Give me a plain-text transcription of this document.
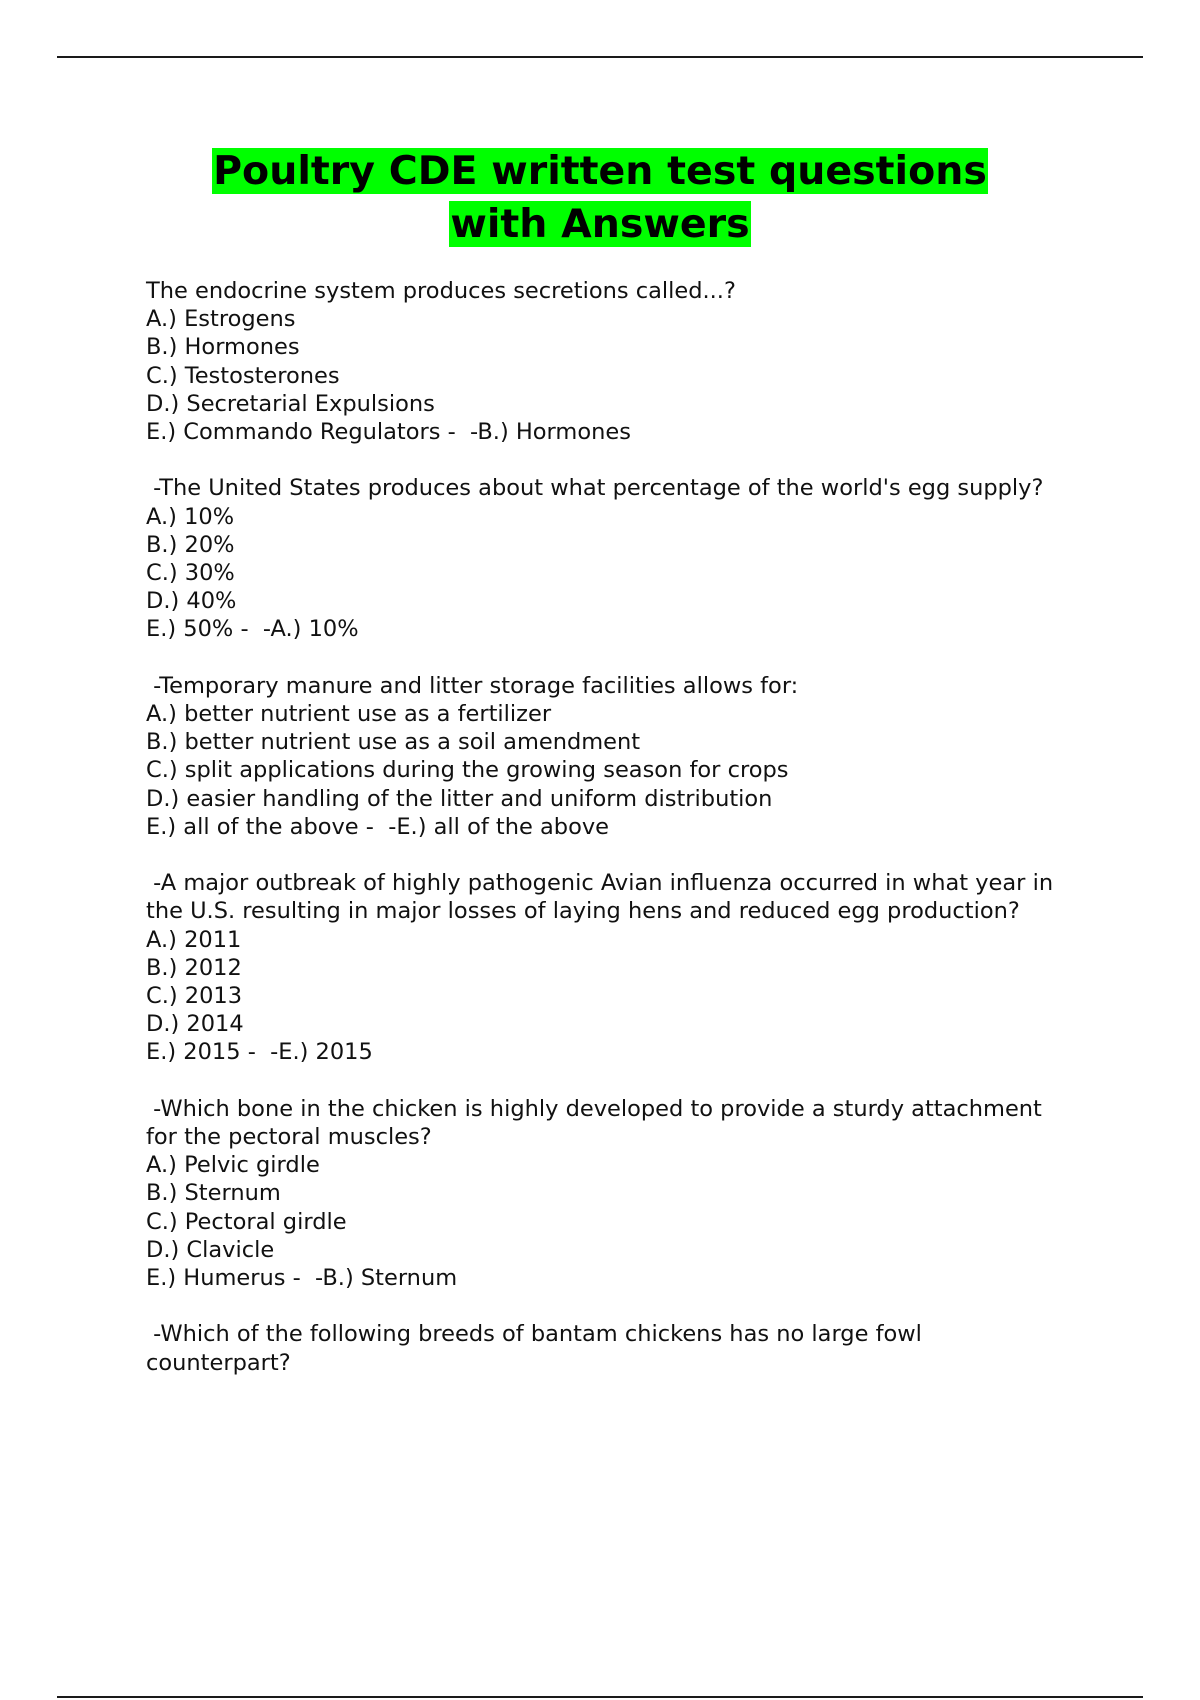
Poultry CDE written test questions
with Answers
The endocrine system produces secretions called...?
A.) Estrogens
B.) Hormones
C.) Testosterones
D.) Secretarial Expulsions
E.) Commando Regulators -  -B.) Hormones
-The United States produces about what percentage of the world's egg supply?
A.) 10%
B.) 20%
C.) 30%
D.) 40%
E.) 50% -  -A.) 10%
-Temporary manure and litter storage facilities allows for:
A.) better nutrient use as a fertilizer
B.) better nutrient use as a soil amendment
C.) split applications during the growing season for crops
D.) easier handling of the litter and uniform distribution
E.) all of the above -  -E.) all of the above
-A major outbreak of highly pathogenic Avian influenza occurred in what year in the U.S. resulting in major losses of laying hens and reduced egg production?
A.) 2011
B.) 2012
C.) 2013
D.) 2014
E.) 2015 -  -E.) 2015
-Which bone in the chicken is highly developed to provide a sturdy attachment for the pectoral muscles?
A.) Pelvic girdle
B.) Sternum
C.) Pectoral girdle
D.) Clavicle
E.) Humerus -  -B.) Sternum
-Which of the following breeds of bantam chickens has no large fowl counterpart?
